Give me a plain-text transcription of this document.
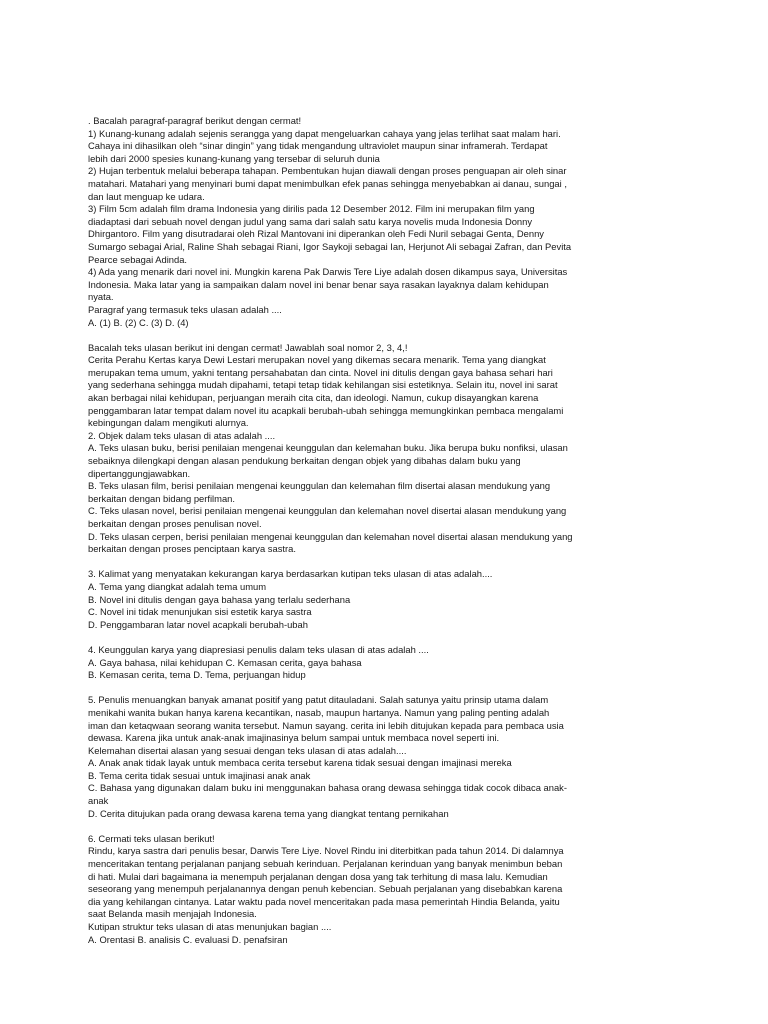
. Bacalah paragraf-paragraf berikut dengan cermat!
1) Kunang-kunang adalah sejenis serangga yang dapat mengeluarkan cahaya yang jelas terlihat saat malam hari.
Cahaya ini dihasilkan oleh “sinar dingin” yang tidak mengandung ultraviolet maupun sinar inframerah. Terdapat
lebih dari 2000 spesies kunang-kunang yang tersebar di seluruh dunia
2) Hujan terbentuk melalui beberapa tahapan. Pembentukan hujan diawali dengan proses penguapan air oleh sinar
matahari. Matahari yang menyinari bumi dapat menimbulkan efek panas sehingga menyebabkan ai danau, sungai ,
dan laut menguap ke udara.
3) Film 5cm adalah film drama Indonesia yang dirilis pada 12 Desember 2012. Film ini merupakan film yang
diadaptasi dari sebuah novel dengan judul yang sama dari salah satu karya novelis muda Indonesia Donny
Dhirgantoro. Film yang disutradarai oleh Rizal Mantovani ini diperankan oleh Fedi Nuril sebagai Genta, Denny
Sumargo sebagai Arial, Raline Shah sebagai Riani, Igor Saykoji sebagai Ian, Herjunot Ali sebagai Zafran, dan Pevita
Pearce sebagai Adinda.
4) Ada yang menarik dari novel ini. Mungkin karena Pak Darwis Tere Liye adalah dosen dikampus saya, Universitas
Indonesia. Maka latar yang ia sampaikan dalam novel ini benar benar saya rasakan layaknya dalam kehidupan
nyata.
Paragraf yang termasuk teks ulasan adalah ....
A. (1) B. (2) C. (3) D. (4)
Bacalah teks ulasan berikut ini dengan cermat! Jawablah soal nomor 2, 3, 4,!
Cerita Perahu Kertas karya Dewi Lestari merupakan novel yang dikemas secara menarik. Tema yang diangkat
merupakan tema umum, yakni tentang persahabatan dan cinta. Novel ini ditulis dengan gaya bahasa sehari hari
yang sederhana sehingga mudah dipahami, tetapi tetap tidak kehilangan sisi estetiknya. Selain itu, novel ini sarat
akan berbagai nilai kehidupan, perjuangan meraih cita cita, dan ideologi. Namun, cukup disayangkan karena
penggambaran latar tempat dalam novel itu acapkali berubah-ubah sehingga memungkinkan pembaca mengalami
kebingungan dalam mengikuti alurnya.
2. Objek dalam teks ulasan di atas adalah ....
A. Teks ulasan buku, berisi penilaian mengenai keunggulan dan kelemahan buku. Jika berupa buku nonfiksi, ulasan
sebaiknya dilengkapi dengan alasan pendukung berkaitan dengan objek yang dibahas dalam buku yang
dipertanggungjawabkan.
B. Teks ulasan film, berisi penilaian mengenai keunggulan dan kelemahan film disertai alasan mendukung yang
berkaitan dengan bidang perfilman.
C. Teks ulasan novel, berisi penilaian mengenai keunggulan dan kelemahan novel disertai alasan mendukung yang
berkaitan dengan proses penulisan novel.
D. Teks ulasan cerpen, berisi penilaian mengenai keunggulan dan kelemahan novel disertai alasan mendukung yang
berkaitan dengan proses penciptaan karya sastra.
3. Kalimat yang menyatakan kekurangan karya berdasarkan kutipan teks ulasan di atas adalah....
A. Tema yang diangkat adalah tema umum
B. Novel ini ditulis dengan gaya bahasa yang terlalu sederhana
C. Novel ini tidak menunjukan sisi estetik karya sastra
D. Penggambaran latar novel acapkali berubah-ubah
4. Keunggulan karya yang diapresiasi penulis dalam teks ulasan di atas adalah ....
A. Gaya bahasa, nilai kehidupan C. Kemasan cerita, gaya bahasa
B. Kemasan cerita, tema D. Tema, perjuangan hidup
5. Penulis menuangkan banyak amanat positif yang patut ditauladani. Salah satunya yaitu prinsip utama dalam
menikahi wanita bukan hanya karena kecantikan, nasab, maupun hartanya. Namun yang paling penting adalah
iman dan ketaqwaan seorang wanita tersebut. Namun sayang. cerita ini lebih ditujukan kepada para pembaca usia
dewasa. Karena jika untuk anak-anak imajinasinya belum sampai untuk membaca novel seperti ini.
Kelemahan disertai alasan yang sesuai dengan teks ulasan di atas adalah....
A. Anak anak tidak layak untuk membaca cerita tersebut karena tidak sesuai dengan imajinasi mereka
B. Tema cerita tidak sesuai untuk imajinasi anak anak
C. Bahasa yang digunakan dalam buku ini menggunakan bahasa orang dewasa sehingga tidak cocok dibaca anak-
anak
D. Cerita ditujukan pada orang dewasa karena tema yang diangkat tentang pernikahan
6. Cermati teks ulasan berikut!
Rindu, karya sastra dari penulis besar, Darwis Tere Liye. Novel Rindu ini diterbitkan pada tahun 2014. Di dalamnya
menceritakan tentang perjalanan panjang sebuah kerinduan. Perjalanan kerinduan yang banyak menimbun beban
di hati. Mulai dari bagaimana ia menempuh perjalanan dengan dosa yang tak terhitung di masa lalu. Kemudian
seseorang yang menempuh perjalanannya dengan penuh kebencian. Sebuah perjalanan yang disebabkan karena
dia yang kehilangan cintanya. Latar waktu pada novel menceritakan pada masa pemerintah Hindia Belanda, yaitu
saat Belanda masih menjajah Indonesia.
Kutipan struktur teks ulasan di atas menunjukan bagian ....
A. Orentasi B. analisis C. evaluasi D. penafsiran
